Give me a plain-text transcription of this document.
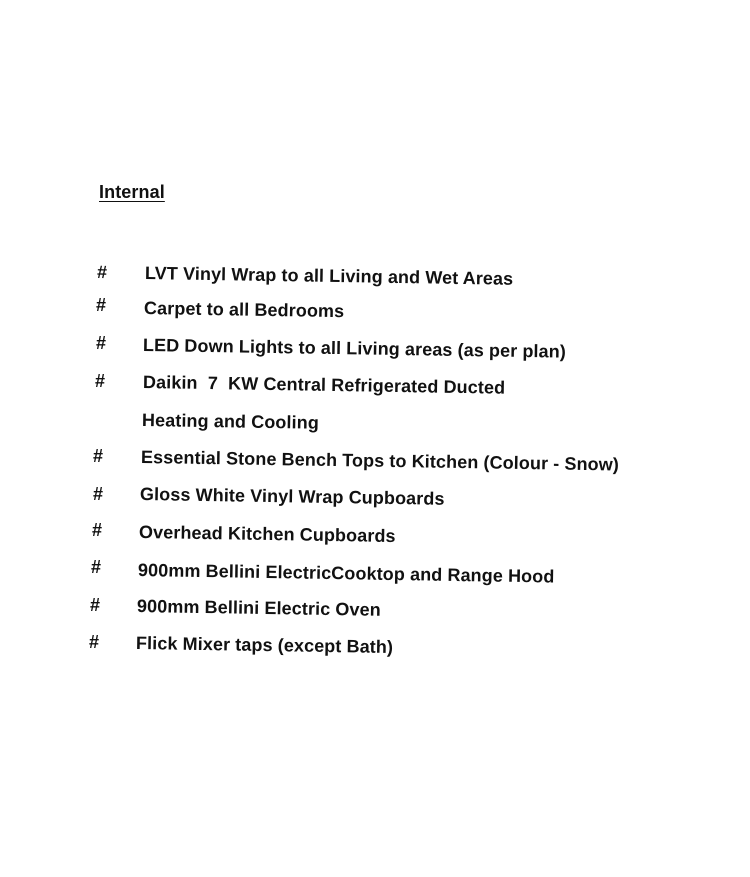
Internal
# LVT Vinyl Wrap to all Living and Wet Areas
# Carpet to all Bedrooms
# LED Down Lights to all Living areas (as per plan)
# Daikin  7  KW Central Refrigerated Ducted
Heating and Cooling
# Essential Stone Bench Tops to Kitchen (Colour - Snow)
# Gloss White Vinyl Wrap Cupboards
# Overhead Kitchen Cupboards
# 900mm Bellini ElectricCooktop and Range Hood
# 900mm Bellini Electric Oven
# Flick Mixer taps (except Bath)
